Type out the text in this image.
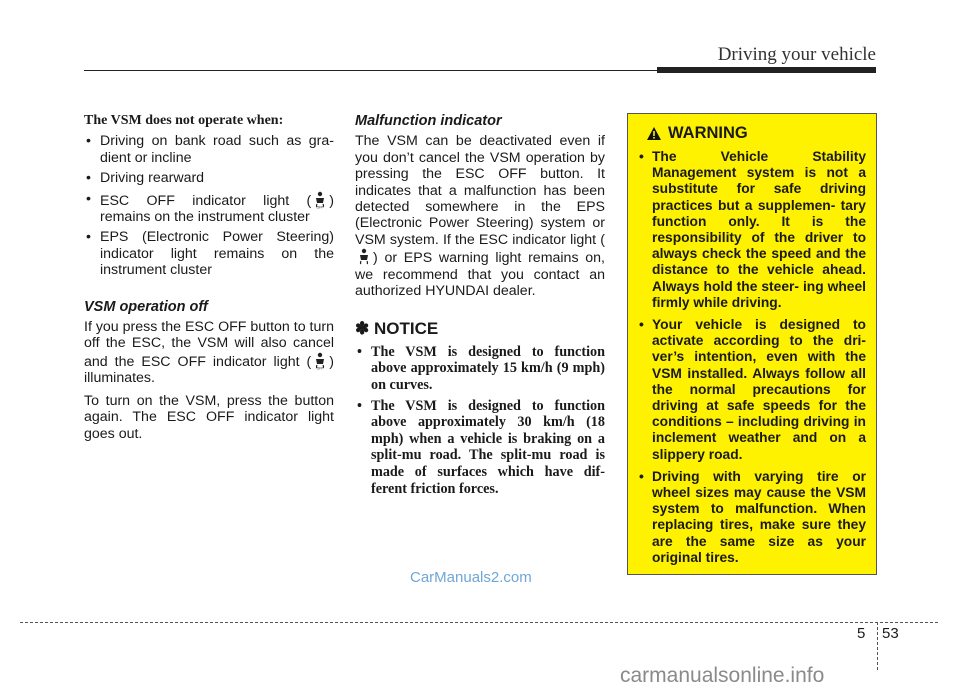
Driving your vehicle
The VSM does not operate when:
• Driving on bank road such as gra- dient or incline
• Driving rearward
• ESC OFF indicator light ( OFF ) remains on the instrument cluster
• EPS (Electronic Power Steering) indicator light remains on the instrument cluster
VSM operation off

If you press the ESC OFF button to turn off the ESC, the VSM will also cancel and the ESC OFF indicator light ( OFF ) illuminates.

To turn on the VSM, press the button again. The ESC OFF indicator light goes out.

Malfunction indicator

The VSM can be deactivated even if you don’t cancel the VSM operation by pressing the ESC OFF button. It indicates that a malfunction has been detected somewhere in the EPS (Electronic Power Steering) system or VSM system. If the ESC indicator light () or EPS warning light remains on, we recommend that you contact an authorized HYUNDAI dealer.

✽ NOTICE
• The VSM is designed to function above approximately 15 km/h (9 mph) on curves.
• The VSM is designed to function above approximately 30 km/h (18 mph) when a vehicle is braking on a split-mu road. The split-mu road is made of surfaces which have dif- ferent friction forces.
WARNING
• The Vehicle Stability Management system is not a substitute for safe driving practices but a supplemen- tary function only. It is the responsibility of the driver to always check the speed and the distance to the vehicle ahead. Always hold the steer- ing wheel firmly while driving.
• Your vehicle is designed to activate according to the dri- ver’s intention, even with the VSM installed. Always follow all the normal precautions for driving at safe speeds for the conditions – including driving in inclement weather and on a slippery road.
• Driving with varying tire or wheel sizes may cause the VSM system to malfunction. When replacing tires, make sure they are the same size as your original tires.
CarManuals2.com
5 53
carmanualsonline.info
